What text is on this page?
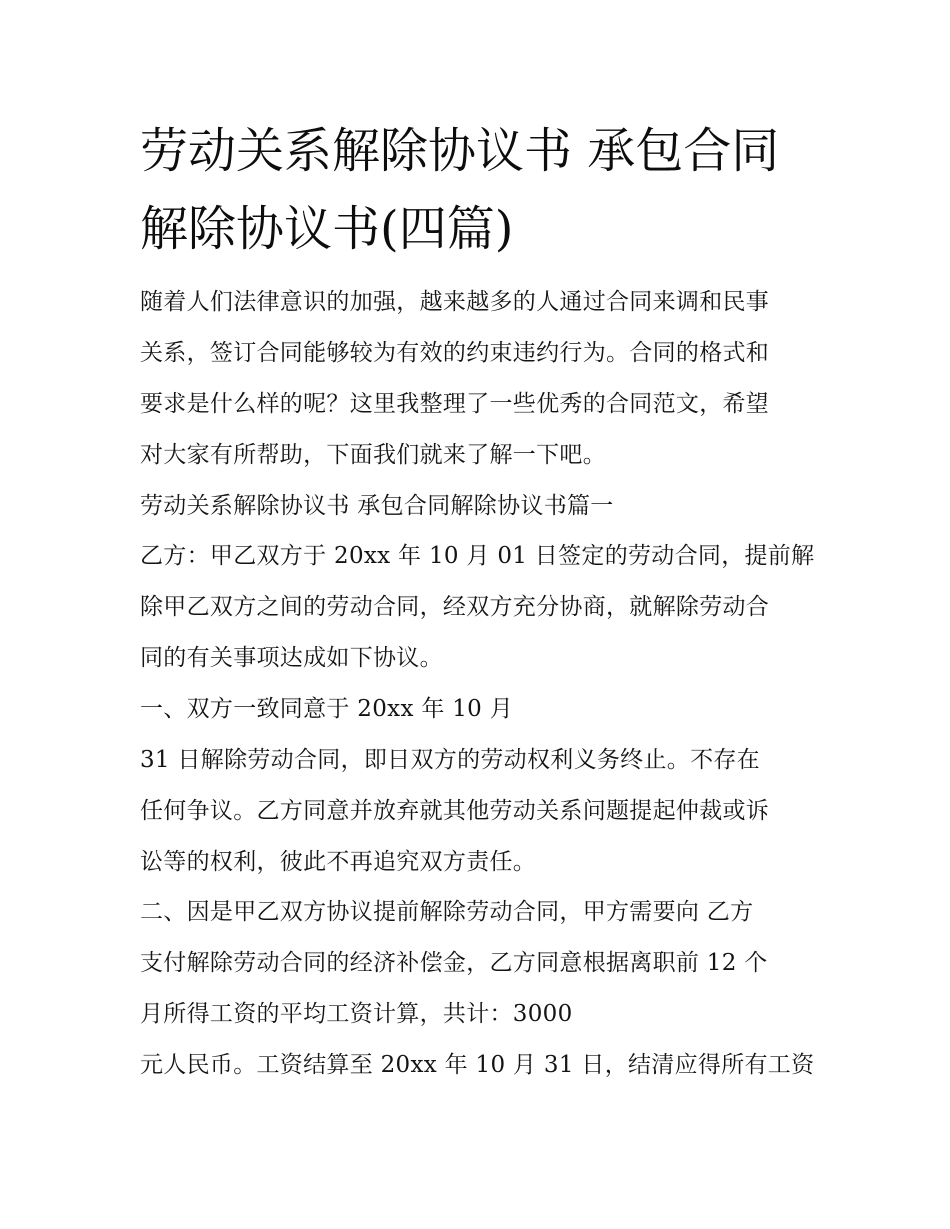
劳动关系解除协议书 承包合同
解除协议书(四篇)

随着人们法律意识的加强，越来越多的人通过合同来调和民事

关系，签订合同能够较为有效的约束违约行为。合同的格式和

要求是什么样的呢？这里我整理了一些优秀的合同范文，希望

对大家有所帮助，下面我们就来了解一下吧。

劳动关系解除协议书 承包合同解除协议书篇一

乙方：甲乙双方于 20xx 年 10 月 01 日签定的劳动合同，提前解

除甲乙双方之间的劳动合同，经双方充分协商，就解除劳动合

同的有关事项达成如下协议。

一、双方一致同意于 20xx 年 10 月

31 日解除劳动合同，即日双方的劳动权利义务终止。不存在

任何争议。乙方同意并放弃就其他劳动关系问题提起仲裁或诉

讼等的权利，彼此不再追究双方责任。

二、因是甲乙双方协议提前解除劳动合同，甲方需要向 乙方

支付解除劳动合同的经济补偿金，乙方同意根据离职前 12 个

月所得工资的平均工资计算，共计：3000

元人民币。工资结算至 20xx 年 10 月 31 日，结清应得所有工资
